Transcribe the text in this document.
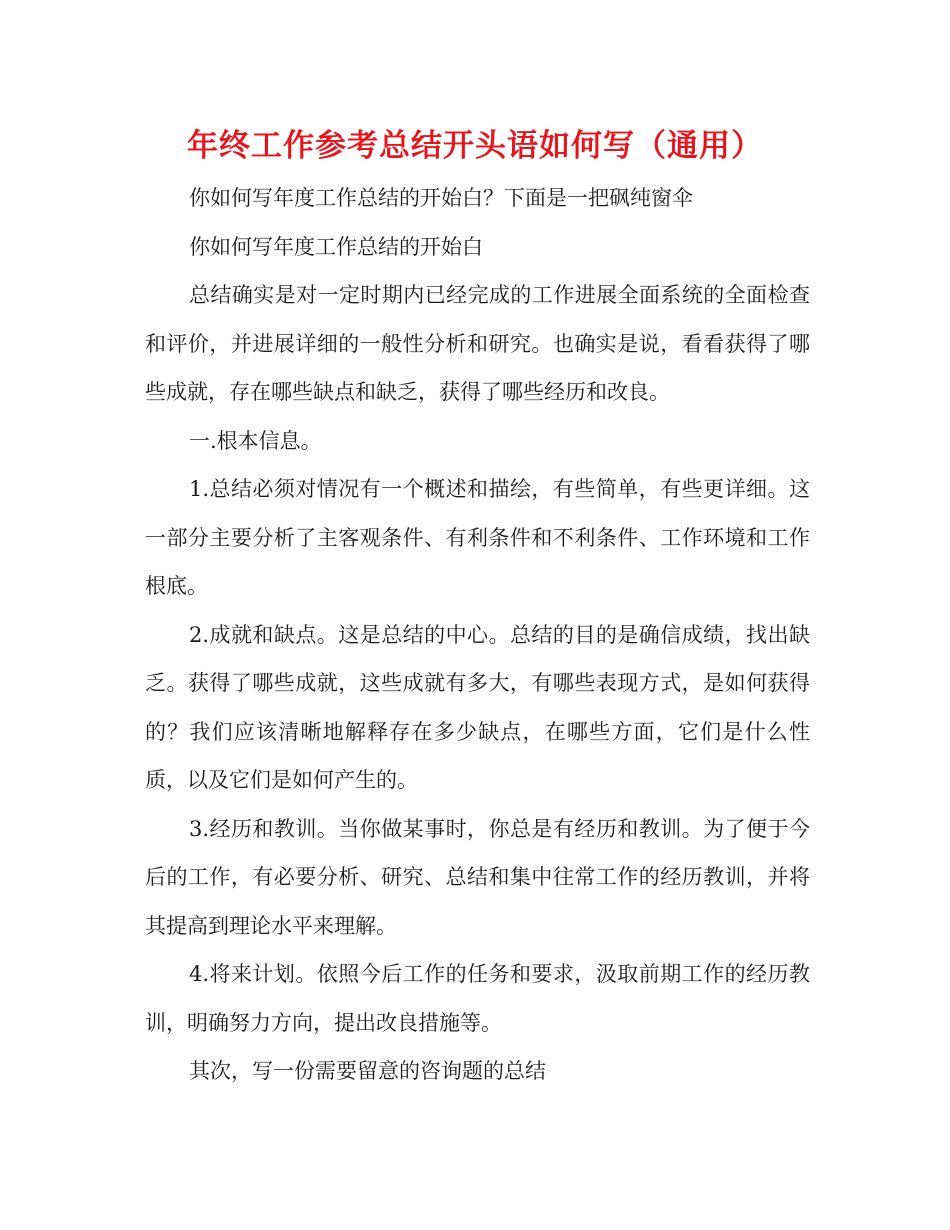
年终工作参考总结开头语如何写（通用）

你如何写年度工作总结的开始白？下面是一把砜纯窗伞

你如何写年度工作总结的开始白

总结确实是对一定时期内已经完成的工作进展全面系统的全面检查和评价，并进展详细的一般性分析和研究。也确实是说，看看获得了哪些成就，存在哪些缺点和缺乏，获得了哪些经历和改良。

一.根本信息。

1.总结必须对情况有一个概述和描绘，有些简单，有些更详细。这一部分主要分析了主客观条件、有利条件和不利条件、工作环境和工作根底。

2.成就和缺点。这是总结的中心。总结的目的是确信成绩，找出缺乏。获得了哪些成就，这些成就有多大，有哪些表现方式，是如何获得的？我们应该清晰地解释存在多少缺点，在哪些方面，它们是什么性质，以及它们是如何产生的。

3.经历和教训。当你做某事时，你总是有经历和教训。为了便于今后的工作，有必要分析、研究、总结和集中往常工作的经历教训，并将其提高到理论水平来理解。

4.将来计划。依照今后工作的任务和要求，汲取前期工作的经历教训，明确努力方向，提出改良措施等。

其次，写一份需要留意的咨询题的总结
